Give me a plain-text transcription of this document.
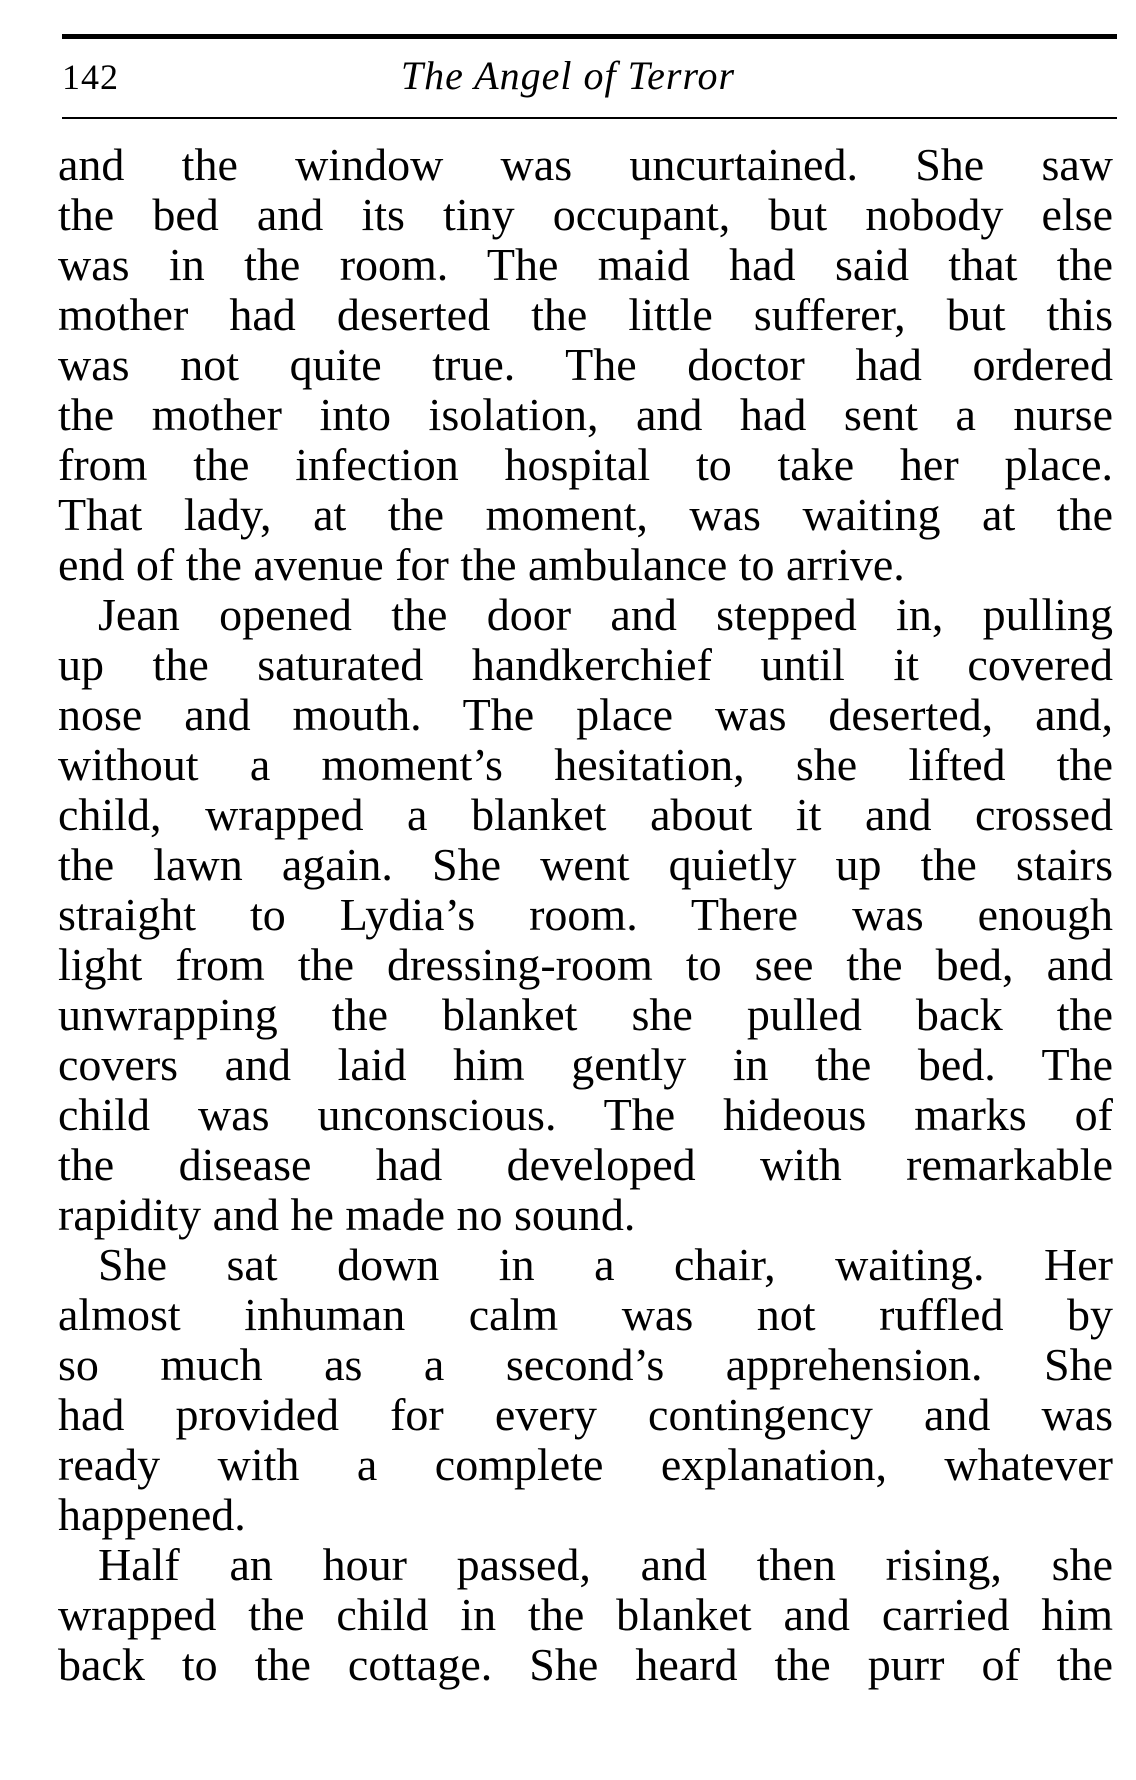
142	The Angel of Terror
and the window was uncurtained. She saw
the bed and its tiny occupant, but nobody else
was in the room. The maid had said that the
mother had deserted the little sufferer, but this
was not quite true. The doctor had ordered
the mother into isolation, and had sent a nurse
from the infection hospital to take her place.
That lady, at the moment, was waiting at the
end of the avenue for the ambulance to arrive.
Jean opened the door and stepped in, pulling
up the saturated handkerchief until it covered
nose and mouth. The place was deserted, and,
without a moment’s hesitation, she lifted the
child, wrapped a blanket about it and crossed
the lawn again. She went quietly up the stairs
straight to Lydia’s room. There was enough
light from the dressing-room to see the bed, and
unwrapping the blanket she pulled back the
covers and laid him gently in the bed. The
child was unconscious. The hideous marks of
the disease had developed with remarkable
rapidity and he made no sound.
She sat down in a chair, waiting. Her
almost inhuman calm was not ruffled by
so much as a second’s apprehension. She
had provided for every contingency and was
ready with a complete explanation, whatever
happened.
Half an hour passed, and then rising, she
wrapped the child in the blanket and carried him
back to the cottage. She heard the purr of the
